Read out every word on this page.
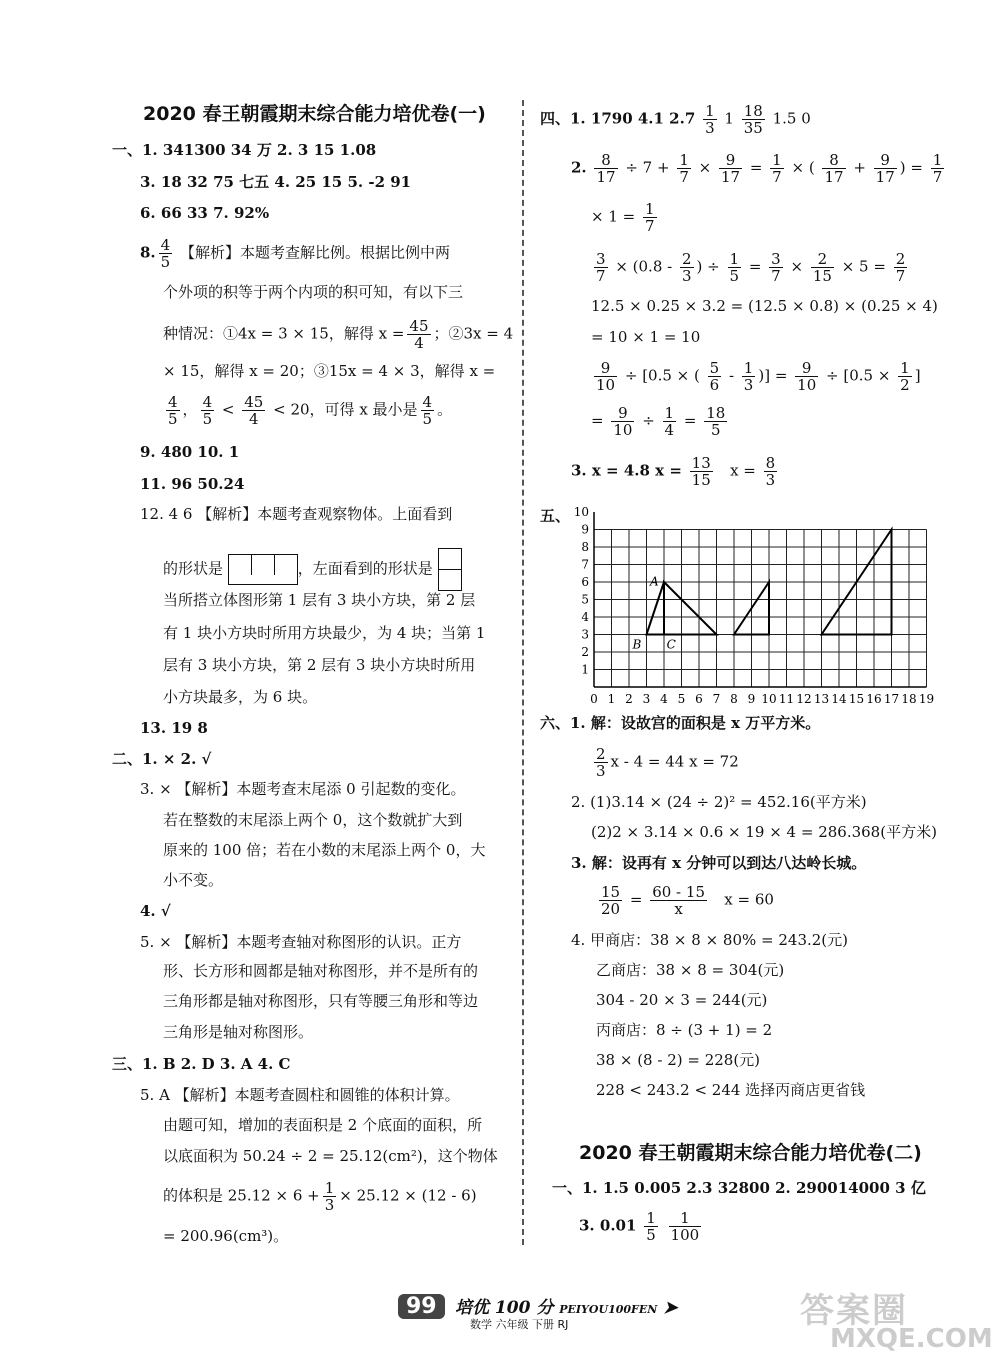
2020 春王朝霞期末综合能力培优卷(一)
一、1. 341300 34 万 2. 3 15 1.08
3. 18 32 75 七五 4. 25 15 5. -2 91
6. 66 33 7. 92%
8. $\frac{4}{5}$ 【解析】本题考查解比例。根据比例中两
个外项的积等于两个内项的积可知，有以下三
种情况：①4x = 3 × 15，解得 $x = \frac{45}{4}$ ；②3x = 4
× 15，解得 x = 20；③15x = 4 × 3，解得 x =
$\frac{4}{5}$ ， $\frac{4}{5} < \frac{45}{4} < 20$，可得 x 最小是 $\frac{4}{5}$ 。
9. 480 10. 1
11. 96 50.24
12. 4 6 【解析】本题考查观察物体。上面看到
的形状是	，左面看到的形状是
当所搭立体图形第 1 层有 3 块小方块，第 2 层
有 1 块小方块时所用方块最少，为 4 块；当第 1
层有 3 块小方块，第 2 层有 3 块小方块时所用
小方块最多，为 6 块。
13. 19 8
二、1. × 2. √
3. × 【解析】本题考查末尾添 0 引起数的变化。
若在整数的末尾添上两个 0，这个数就扩大到
原来的 100 倍；若在小数的末尾添上两个 0，大
小不变。
4. √
5. × 【解析】本题考查轴对称图形的认识。正方
形、长方形和圆都是轴对称图形，并不是所有的
三角形都是轴对称图形，只有等腰三角形和等边
三角形是轴对称图形。
三、1. B 2. D 3. A 4. C
5. A 【解析】本题考查圆柱和圆锥的体积计算。
由题可知，增加的表面积是 2 个底面的面积，所
以底面积为 50.24 ÷ 2 = 25.12(cm²)，这个物体
的体积是 $25.12 \times 6 + \frac{1}{3} \times 25.12 \times (12 - 6)$
= 200.96(cm³)。
四、1. 1790 4.1 $2.7 \frac{1}{3} 1 \frac{18}{35} 1.5$ 0
2. $\frac{8}{17} \div 7 + \frac{1}{7} \times \frac{9}{17} = \frac{1}{7}$ × ( $\frac{8}{17} + \frac{9}{17}$ ) = $\frac{1}{7}$
× $1 = \frac{1}{7}$
$\frac{3}{7} \times (0.8 - \frac{2}{3}$ ) ÷ $\frac{1}{5} = \frac{3}{7} \times \frac{2}{15} \times 5 = \frac{2}{7}$
12.5 × 0.25 × 3.2 = (12.5 × 0.8) × (0.25 × 4)
= 10 × 1 = 10
$\frac{9}{10} \div [0.5$ × ( $\frac{5}{6} - \frac{1}{3}$ )] = $\frac{9}{10} \div [0.5 \times \frac{1}{2}$ ]
= $\frac{9}{10} \div \frac{1}{4} = \frac{18}{5}$
3. x = 4.8 $x = \frac{13}{15}$ $x = \frac{8}{3}$
五、
0 1 2 3 4 5 6 7 8 9 10 11 12 13 14 15 16 17 18 19
1
2
3
4
5
6
7
8
9
10
A
B C
六、1. 解：设故宫的面积是 x 万平方米。
$\frac{2}{3}$ x - 4 = 44 x = 72
2. (1)3.14 × (24 ÷ 2)² = 452.16(平方米)
(2)2 × 3.14 × 0.6 × 19 × 4 = 286.368(平方米)
3. 解：设再有 x 分钟可以到达八达岭长城。
$\frac{15}{20} = \frac{60 - 15}{x}$ x = 60
4. 甲商店：38 × 8 × 80% = 243.2(元)
乙商店：38 × 8 = 304(元)
304 - 20 × 3 = 244(元)
丙商店：8 ÷ (3 + 1) = 2
38 × (8 - 2) = 228(元)
228 < 243.2 < 244 选择丙商店更省钱
2020 春王朝霞期末综合能力培优卷(二)
一、1. 1.5 0.005 2.3 32800 2. 290014000 3 亿
3. $0.01 \frac{1}{5}$
$\frac{1}{100}$
99	培优 100 分 PEIYOU100FEN ➤
数学 六年级 下册 RJ	答案圈
MXQE.COM
